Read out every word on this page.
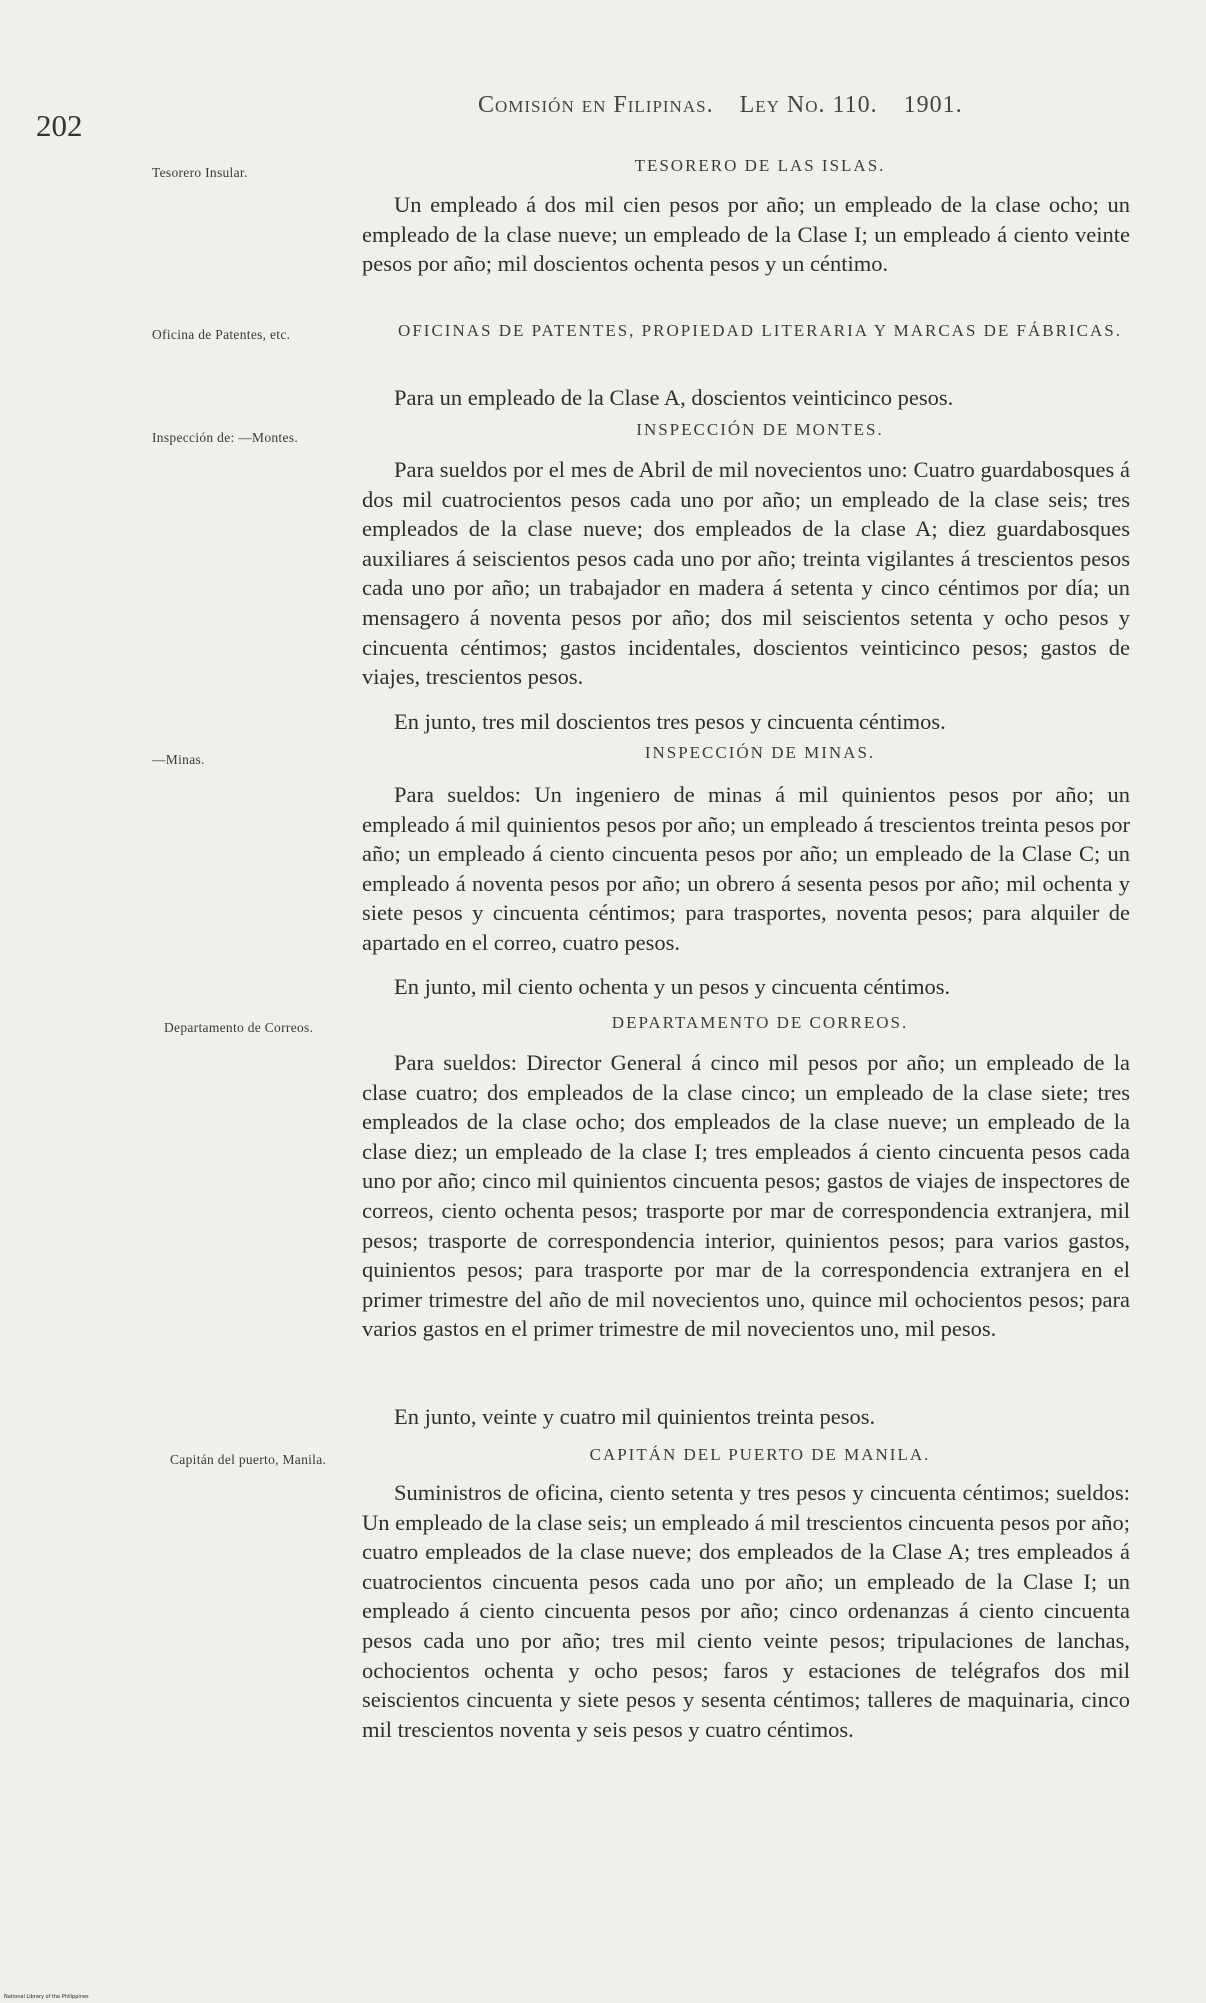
202
Comisión en Filipinas. Ley No. 110. 1901.
Tesorero Insular.	TESORERO DE LAS ISLAS.

Un empleado á dos mil cien pesos por año; un empleado de la clase ocho; un empleado de la clase nueve; un empleado de la Clase I; un empleado á ciento veinte pesos por año; mil doscientos ochenta pesos y un céntimo.

Oficina de Patentes, etc.	OFICINAS DE PATENTES, PROPIEDAD LITERARIA Y MARCAS DE FÁBRICAS.

Para un empleado de la Clase A, doscientos veinticinco pesos.

Inspección de: —Montes.	INSPECCIÓN DE MONTES.

Para sueldos por el mes de Abril de mil novecientos uno: Cuatro guardabosques á dos mil cuatrocientos pesos cada uno por año; un empleado de la clase seis; tres empleados de la clase nueve; dos empleados de la clase A; diez guardabosques auxiliares á seiscientos pesos cada uno por año; treinta vigilantes á trescientos pesos cada uno por año; un trabajador en madera á setenta y cinco céntimos por día; un mensagero á noventa pesos por año; dos mil seiscientos setenta y ocho pesos y cincuenta céntimos; gastos incidentales, doscientos veinticinco pesos; gastos de viajes, trescientos pesos.

En junto, tres mil doscientos tres pesos y cincuenta céntimos.

—Minas.	INSPECCIÓN DE MINAS.

Para sueldos: Un ingeniero de minas á mil quinientos pesos por año; un empleado á mil quinientos pesos por año; un empleado á trescientos treinta pesos por año; un empleado á ciento cincuenta pesos por año; un empleado de la Clase C; un empleado á noventa pesos por año; un obrero á sesenta pesos por año; mil ochenta y siete pesos y cincuenta céntimos; para trasportes, noventa pesos; para alquiler de apartado en el correo, cuatro pesos.

En junto, mil ciento ochenta y un pesos y cincuenta céntimos.

Departamento de Correos.	DEPARTAMENTO DE CORREOS.

Para sueldos: Director General á cinco mil pesos por año; un empleado de la clase cuatro; dos empleados de la clase cinco; un empleado de la clase siete; tres empleados de la clase ocho; dos empleados de la clase nueve; un empleado de la clase diez; un empleado de la clase I; tres empleados á ciento cincuenta pesos cada uno por año; cinco mil quinientos cincuenta pesos; gastos de viajes de inspectores de correos, ciento ochenta pesos; trasporte por mar de correspondencia extranjera, mil pesos; trasporte de correspondencia interior, quinientos pesos; para varios gastos, quinientos pesos; para trasporte por mar de la correspondencia extranjera en el primer trimestre del año de mil novecientos uno, quince mil ochocientos pesos; para varios gastos en el primer trimestre de mil novecientos uno, mil pesos.

En junto, veinte y cuatro mil quinientos treinta pesos.

Capitán del puerto, Manila.	CAPITÁN DEL PUERTO DE MANILA.

Suministros de oficina, ciento setenta y tres pesos y cincuenta céntimos; sueldos: Un empleado de la clase seis; un empleado á mil trescientos cincuenta pesos por año; cuatro empleados de la clase nueve; dos empleados de la Clase A; tres empleados á cuatrocientos cincuenta pesos cada uno por año; un empleado de la Clase I; un empleado á ciento cincuenta pesos por año; cinco ordenanzas á ciento cincuenta pesos cada uno por año; tres mil ciento veinte pesos; tripulaciones de lanchas, ochocientos ochenta y ocho pesos; faros y estaciones de telégrafos dos mil seiscientos cincuenta y siete pesos y sesenta céntimos; talleres de maquinaria, cinco mil trescientos noventa y seis pesos y cuatro céntimos.

National Library of the Philippines
